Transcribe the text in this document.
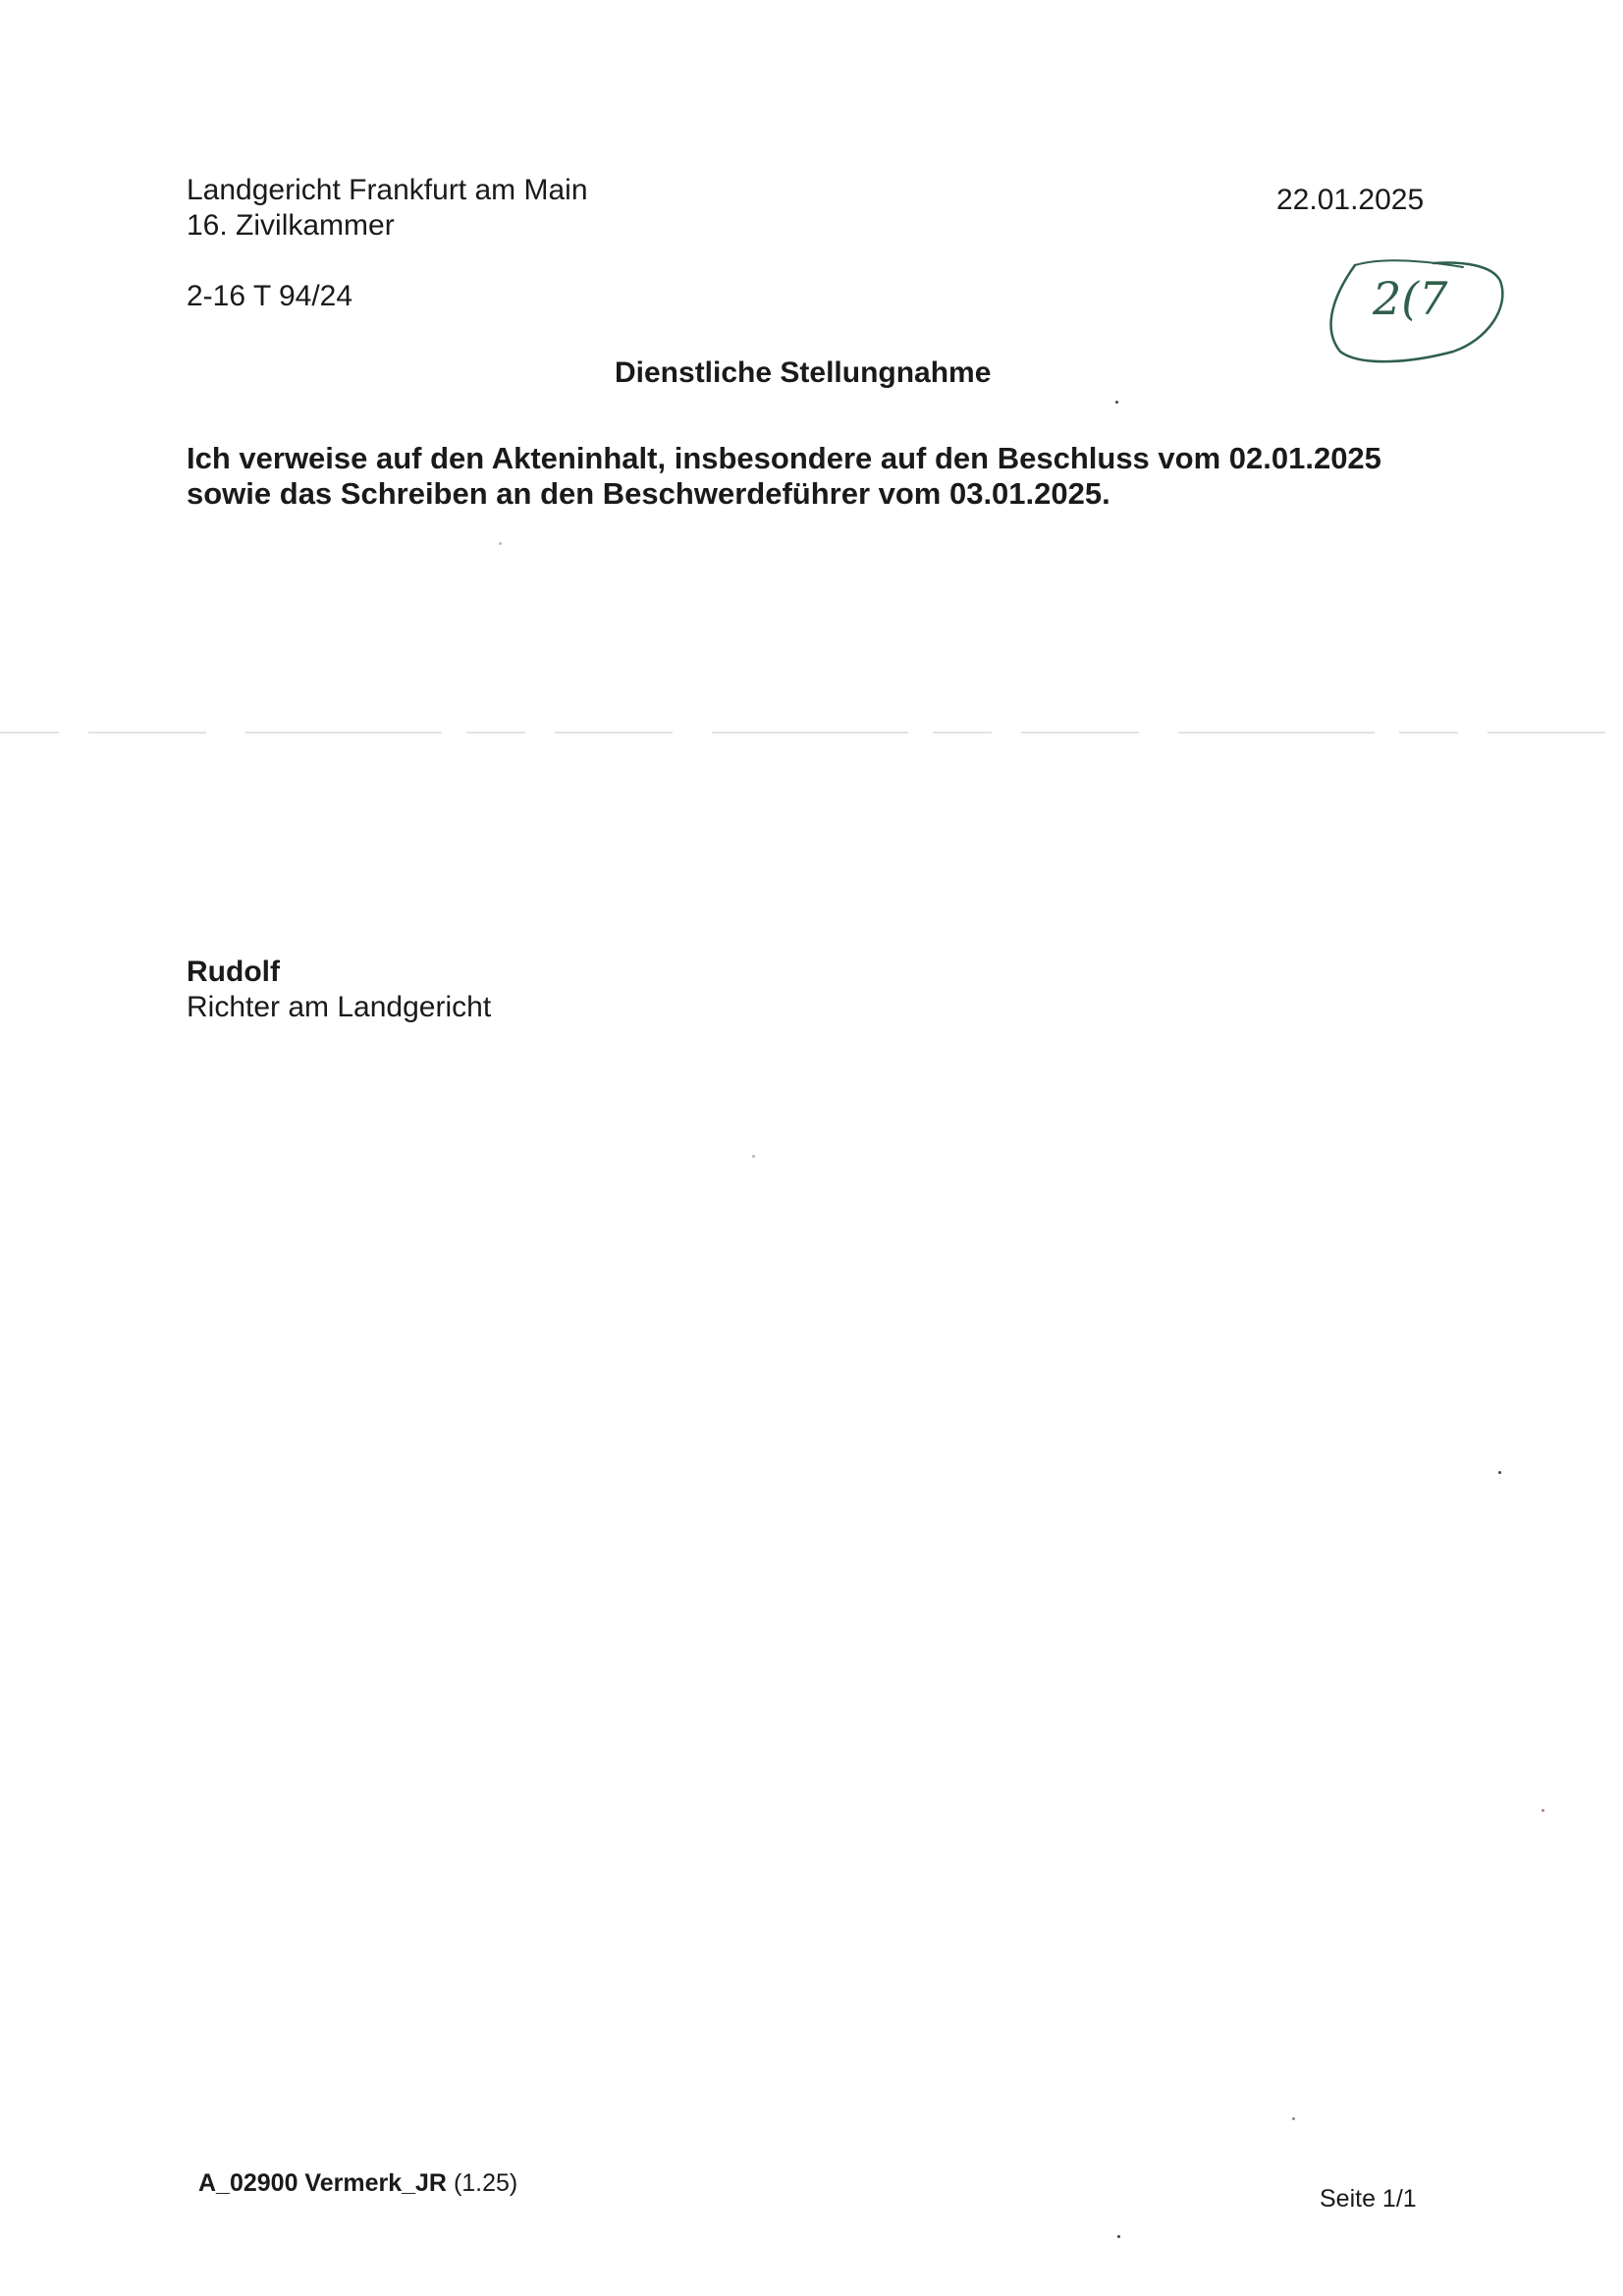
Landgericht Frankfurt am Main
16. Zivilkammer
22.01.2025
2-16 T 94/24	2(7
Dienstliche Stellungnahme
Ich verweise auf den Akteninhalt, insbesondere auf den Beschluss vom 02.01.2025
sowie das Schreiben an den Beschwerdeführer vom 03.01.2025.
Rudolf
Richter am Landgericht
A_02900 Vermerk_JR (1.25)
Seite 1/1
